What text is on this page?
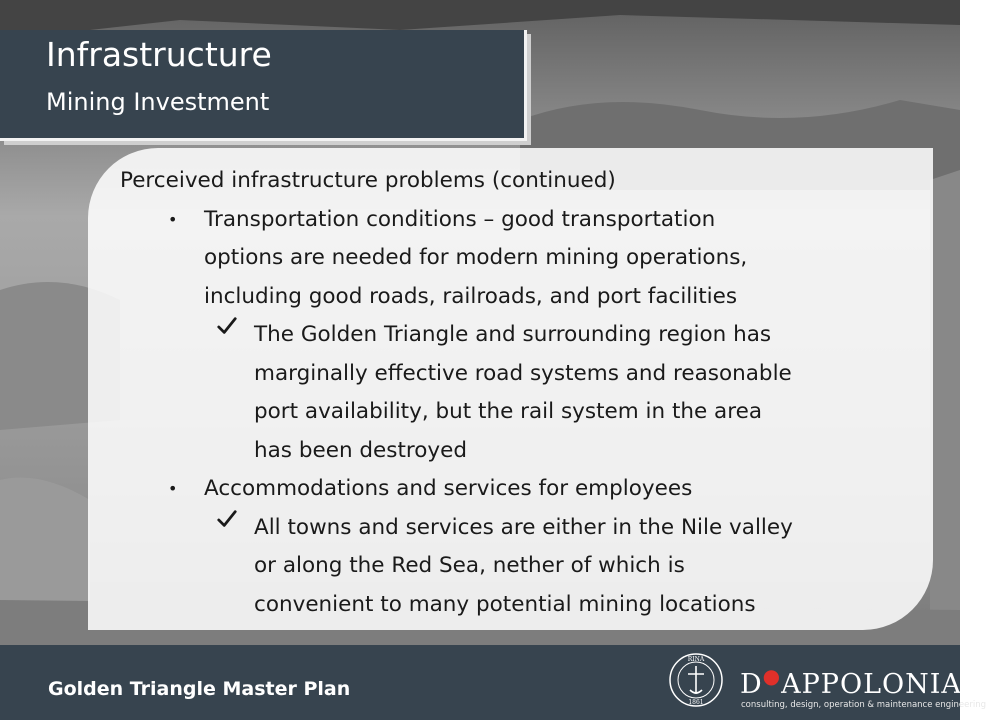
Infrastructure
Mining Investment
Perceived infrastructure problems (continued)
• Transportation conditions – good transportation
options are needed for modern mining operations,
including good roads, railroads, and port facilities
The Golden Triangle and surrounding region has
marginally effective road systems and reasonable
port availability, but the rail system in the area
has been destroyed
• Accommodations and services for employees
All towns and services are either in the Nile valley
or along the Red Sea, nether of which is
convenient to many potential mining locations
Golden Triangle Master Plan
RINA
1861
D●APPOLONIA
consulting, design, operation & maintenance engineering
